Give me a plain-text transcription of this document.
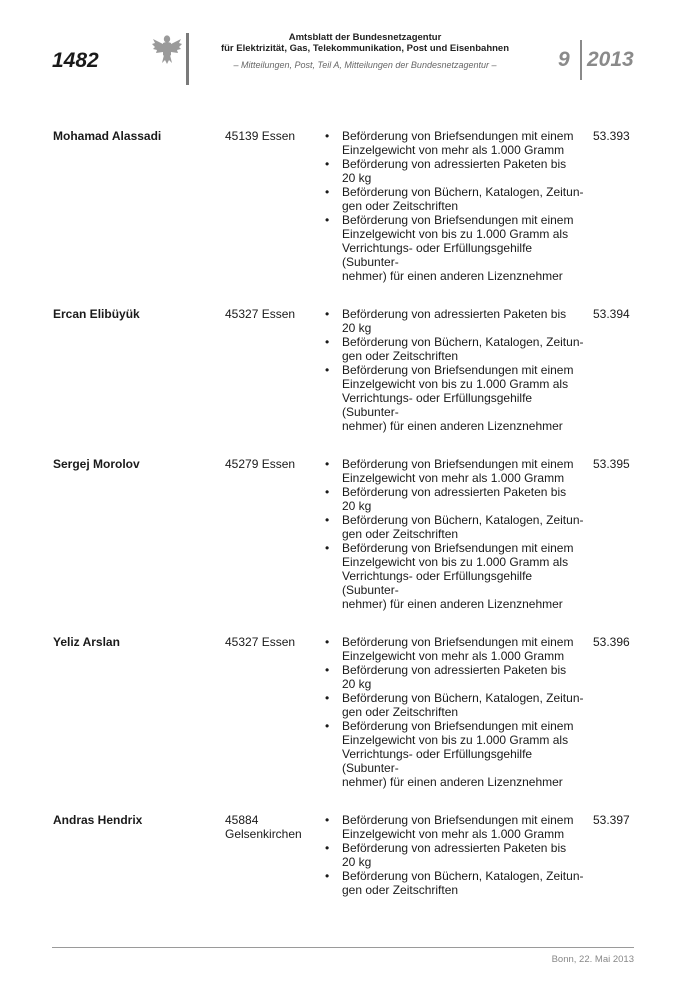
1482
Amtsblatt der Bundesnetzagentur
für Elektrizität, Gas, Telekommunikation, Post und Eisenbahnen
– Mitteilungen, Post, Teil A, Mitteilungen der Bundesnetzagentur –	9 2013
Mohamad Alassadi	45139 Essen	53.393
•	Beförderung von Briefsendungen mit einem
Einzelgewicht von mehr als 1.000 Gramm
•	Beförderung von adressierten Paketen bis
20 kg
•	Beförderung von Büchern, Katalogen, Zeitun-
gen oder Zeitschriften
•	Beförderung von Briefsendungen mit einem
Einzelgewicht von bis zu 1.000 Gramm als
Verrichtungs- oder Erfüllungsgehilfe (Subunter-
nehmer) für einen anderen Lizenznehmer
Ercan Elibüyük	45327 Essen	53.394
•	Beförderung von adressierten Paketen bis
20 kg
•	Beförderung von Büchern, Katalogen, Zeitun-
gen oder Zeitschriften
•	Beförderung von Briefsendungen mit einem
Einzelgewicht von bis zu 1.000 Gramm als
Verrichtungs- oder Erfüllungsgehilfe (Subunter-
nehmer) für einen anderen Lizenznehmer
Sergej Morolov	45279 Essen	53.395
•	Beförderung von Briefsendungen mit einem
Einzelgewicht von mehr als 1.000 Gramm
•	Beförderung von adressierten Paketen bis
20 kg
•	Beförderung von Büchern, Katalogen, Zeitun-
gen oder Zeitschriften
•	Beförderung von Briefsendungen mit einem
Einzelgewicht von bis zu 1.000 Gramm als
Verrichtungs- oder Erfüllungsgehilfe (Subunter-
nehmer) für einen anderen Lizenznehmer
Yeliz Arslan	45327 Essen	53.396
•	Beförderung von Briefsendungen mit einem
Einzelgewicht von mehr als 1.000 Gramm
•	Beförderung von adressierten Paketen bis
20 kg
•	Beförderung von Büchern, Katalogen, Zeitun-
gen oder Zeitschriften
•	Beförderung von Briefsendungen mit einem
Einzelgewicht von bis zu 1.000 Gramm als
Verrichtungs- oder Erfüllungsgehilfe (Subunter-
nehmer) für einen anderen Lizenznehmer
Andras Hendrix	45884
Gelsenkirchen
53.397
•	Beförderung von Briefsendungen mit einem
Einzelgewicht von mehr als 1.000 Gramm
•	Beförderung von adressierten Paketen bis
20 kg
•	Beförderung von Büchern, Katalogen, Zeitun-
gen oder Zeitschriften
Bonn, 22. Mai 2013
